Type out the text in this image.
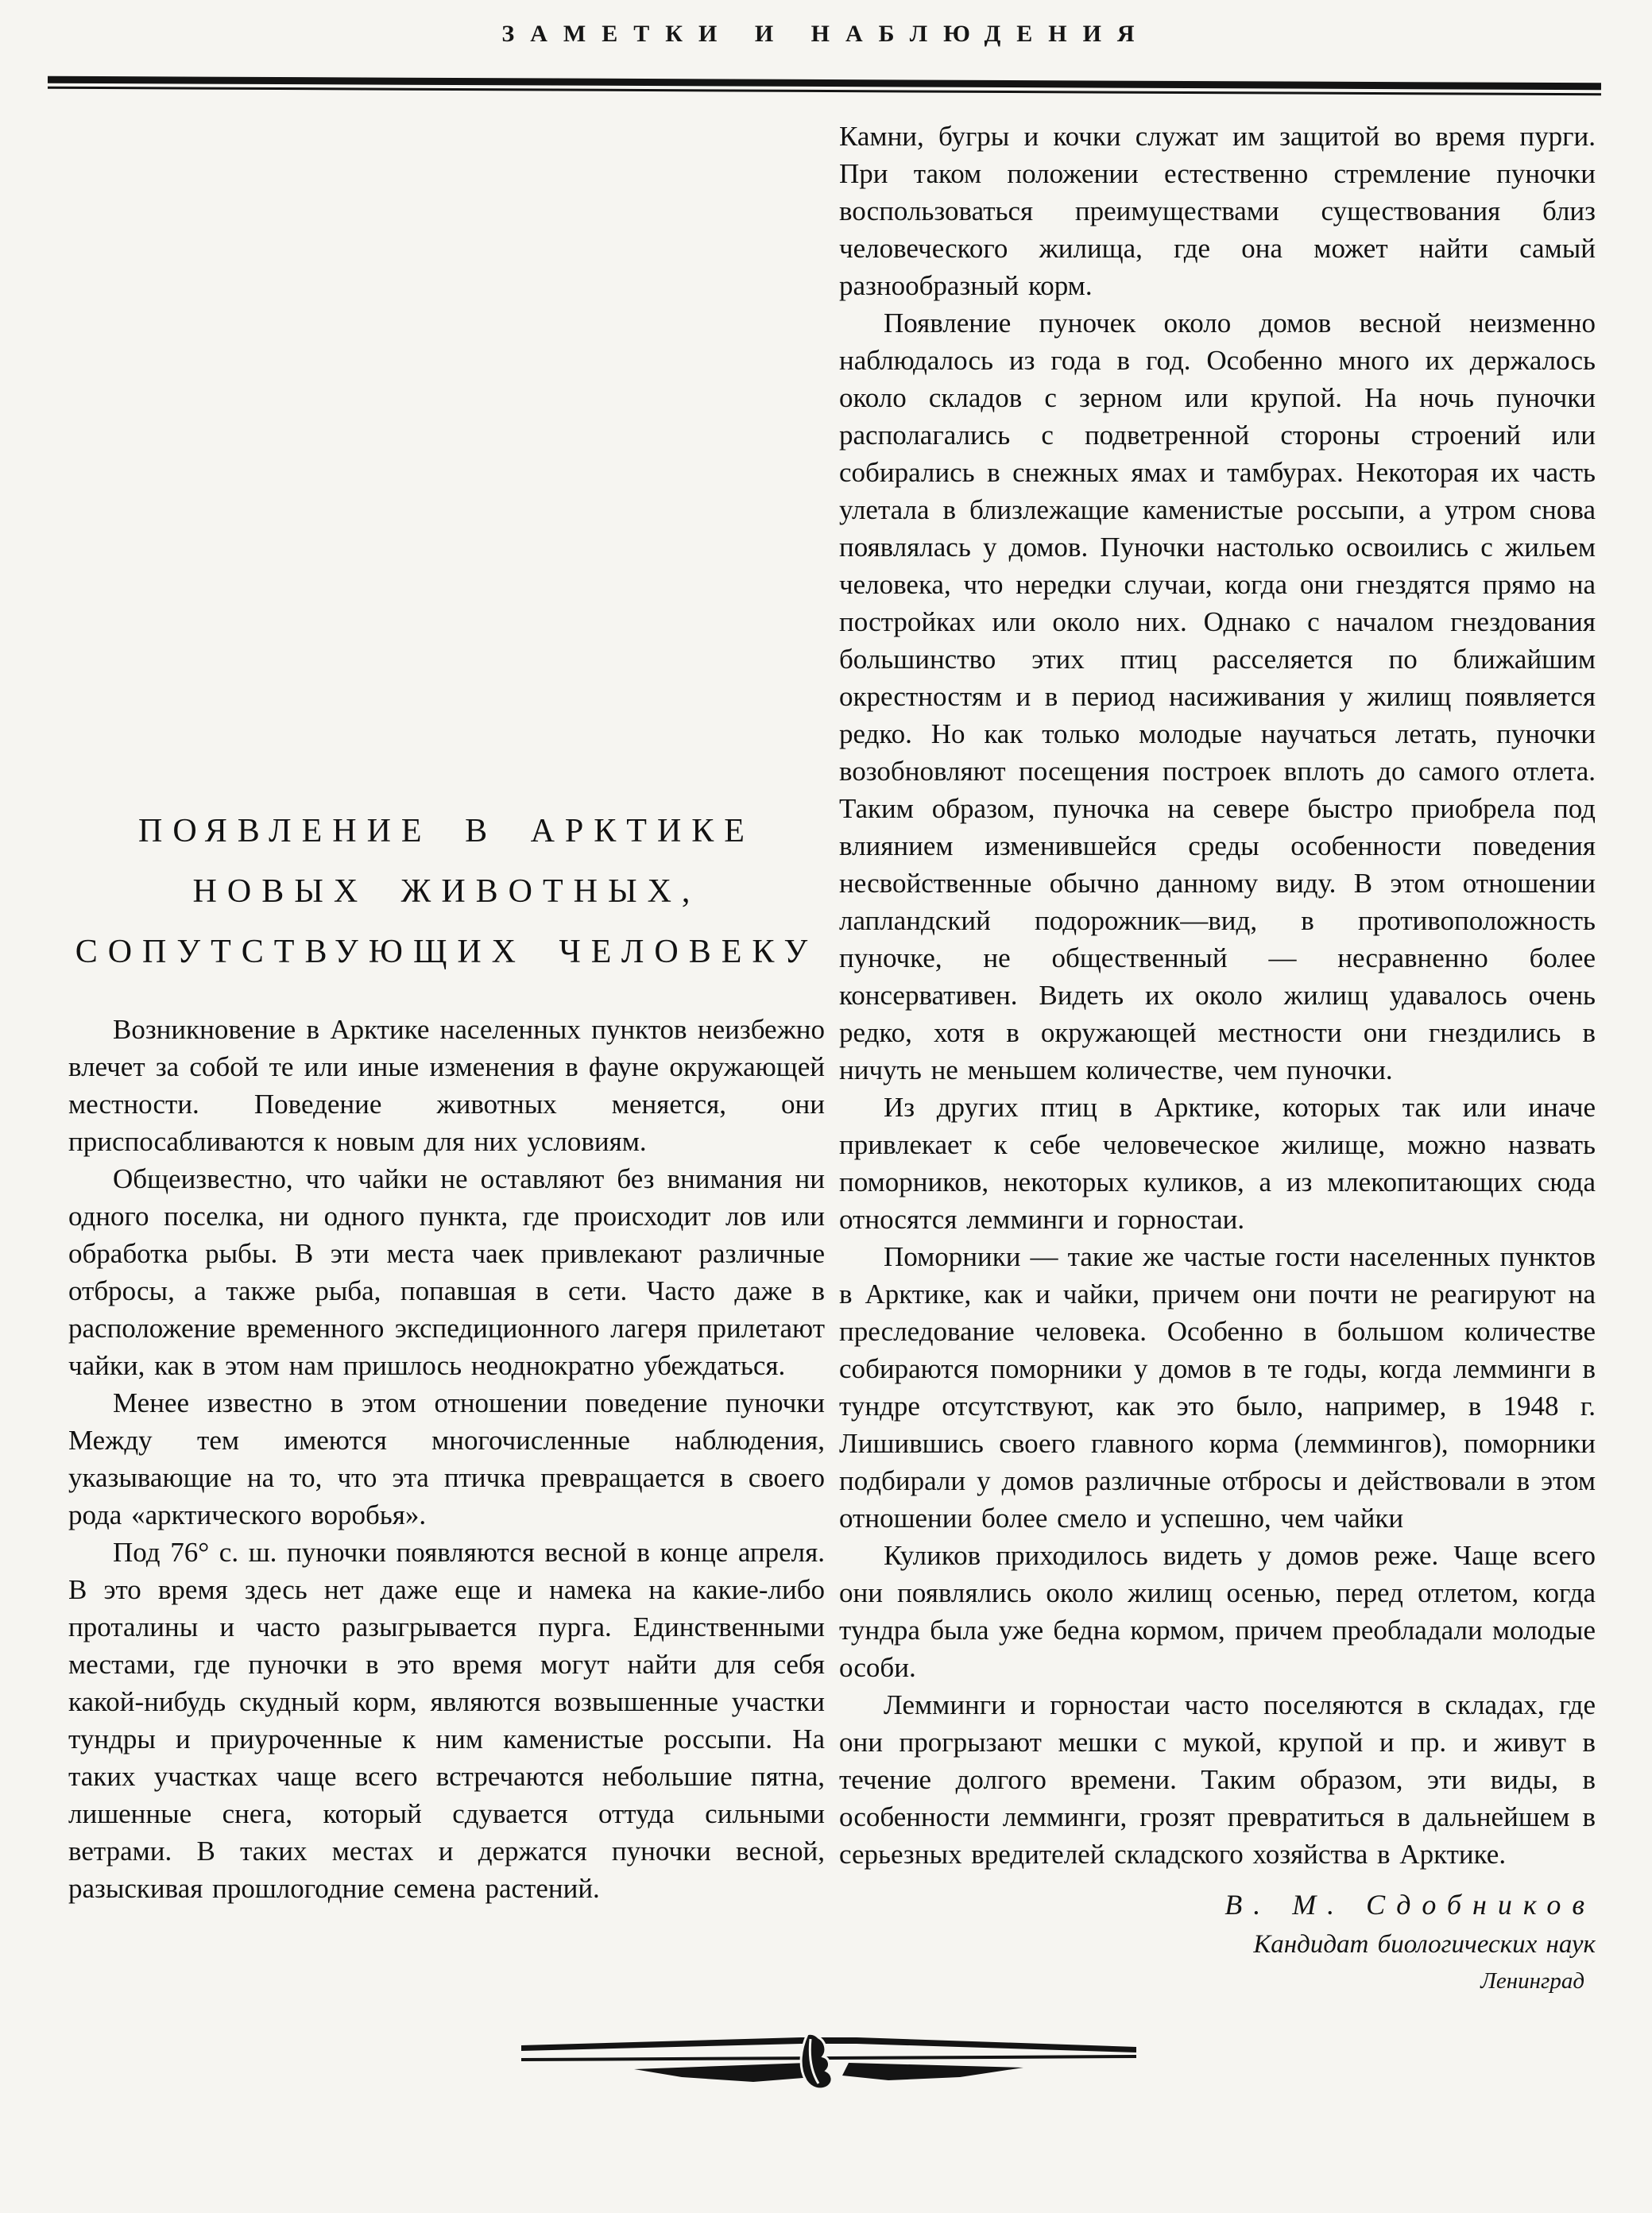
ЗАМЕТКИ И НАБЛЮДЕНИЯ
ПОЯВЛЕНИЕ В АРКТИКЕ
НОВЫХ ЖИВОТНЫХ,
СОПУТСТВУЮЩИХ ЧЕЛОВЕКУ

Возникновение в Арктике населенных пунктов неизбежно влечет за собой те или иные изменения в фауне окружающей местности. Поведение животных меняется, они приспосабливаются к новым для них условиям.

Общеизвестно, что чайки не оставляют без внимания ни одного поселка, ни одного пункта, где происходит лов или обработка рыбы. В эти места чаек привлекают различные отбросы, а также рыба, попавшая в сети. Часто даже в расположение временного экспедиционного лагеря прилетают чайки, как в этом нам пришлось неоднократно убеждаться.

Менее известно в этом отношении поведение пуночки Между тем имеются многочисленные наблюдения, указывающие на то, что эта птичка превращается в своего рода «арктического воробья».

Под 76° с. ш. пуночки появляются весной в конце апреля. В это время здесь нет даже еще и намека на какие-либо проталины и часто разыгрывается пурга. Единственными местами, где пуночки в это время могут найти для себя какой-нибудь скудный корм, являются возвышенные участки тундры и приуроченные к ним каменистые россыпи. На таких участках чаще всего встречаются небольшие пятна, лишенные снега, который сдувается оттуда сильными ветрами. В таких местах и держатся пуночки весной, разыскивая прошлогодние семена растений.

Камни, бугры и кочки служат им защитой во время пурги. При таком положении естественно стремление пуночки воспользоваться преимуществами существования близ человеческого жилища, где она может найти самый разнообразный корм.

Появление пуночек около домов весной неизменно наблюдалось из года в год. Особенно много их держалось около складов с зерном или крупой. На ночь пуночки располагались с подветренной стороны строений или собирались в снежных ямах и тамбурах. Некоторая их часть улетала в близлежащие каменистые россыпи, а утром снова появлялась у домов. Пуночки настолько освоились с жильем человека, что нередки случаи, когда они гнездятся прямо на постройках или около них. Однако с началом гнездования большинство этих птиц расселяется по ближайшим окрестностям и в период насиживания у жилищ появляется редко. Но как только молодые научаться летать, пуночки возобновляют посещения построек вплоть до самого отлета. Таким образом, пуночка на севере быстро приобрела под влиянием изменившейся среды особенности поведения несвойственные обычно данному виду. В этом отношении лапландский подорожник—вид, в противоположность пуночке, не общественный — несравненно более консервативен. Видеть их около жилищ удавалось очень редко, хотя в окружающей местности они гнездились в ничуть не меньшем количестве, чем пуночки.

Из других птиц в Арктике, которых так или иначе привлекает к себе человеческое жилище, можно назвать поморников, некоторых куликов, а из млекопитающих сюда относятся лемминги и горностаи.

Поморники — такие же частые гости населенных пунктов в Арктике, как и чайки, причем они почти не реагируют на преследование человека. Особенно в большом количестве собираются поморники у домов в те годы, когда лемминги в тундре отсутствуют, как это было, например, в 1948 г. Лишившись своего главного корма (леммингов), поморники подбирали у домов различные отбросы и действовали в этом отношении более смело и успешно, чем чайки

Куликов приходилось видеть у домов реже. Чаще всего они появлялись около жилищ осенью, перед отлетом, когда тундра была уже бедна кормом, причем преобладали молодые особи.

Лемминги и горностаи часто поселяются в складах, где они прогрызают мешки с мукой, крупой и пр. и живут в течение долгого времени. Таким образом, эти виды, в особенности лемминги, грозят превратиться в дальнейшем в серьезных вредителей складского хозяйства в Арктике.

В. М. Сдобников
Кандидат биологических наук
Ленинград
